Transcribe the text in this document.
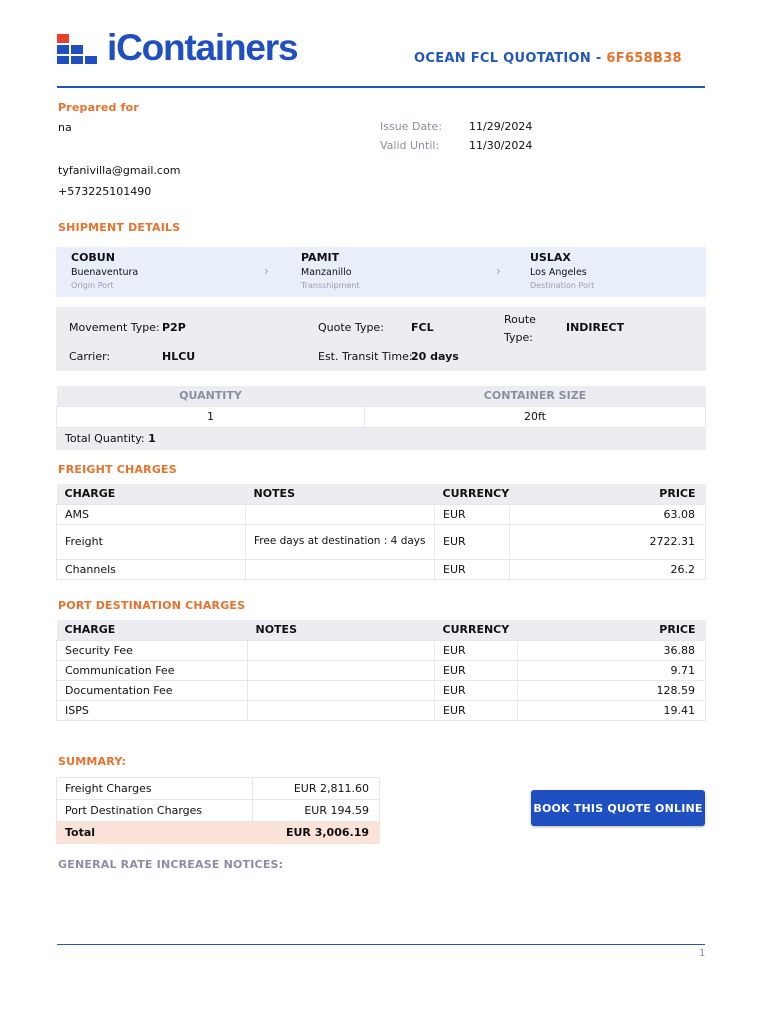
iContainers	OCEAN FCL QUOTATION - 6F658B38
Prepared for
na
tyfanivilla@gmail.com
+573225101490
Issue Date: 11/29/2024
Valid Until:	11/30/2024
SHIPMENT DETAILS
COBUN
Buenaventura
Origin Port
›
PAMIT
Manzanillo
Transshipment
›
USLAX
Los Angeles
Destination Port
Movement Type: P2P	Quote Type: FCL
Route
Type:
INDIRECT
Carrier:	HLCU	Est. Transit Time:
20 days
QUANTITY	CONTAINER SIZE
1	20ft
Total Quantity: 1	
FREIGHT CHARGES
CHARGE	NOTES	CURRENCY	PRICE
AMS		EUR	63.08
Freight	Free days at destination : 4 days	EUR	2722.31
Channels		EUR	26.2
PORT DESTINATION CHARGES
CHARGE	NOTES	CURRENCY	PRICE
Security Fee		EUR	36.88
Communication Fee		EUR	9.71
Documentation Fee		EUR	128.59
ISPS		EUR	19.41
SUMMARY:
Freight Charges	EUR 2,811.60
Port Destination Charges	EUR 194.59
Total	EUR 3,006.19
BOOK THIS QUOTE ONLINE
GENERAL RATE INCREASE NOTICES:
1
